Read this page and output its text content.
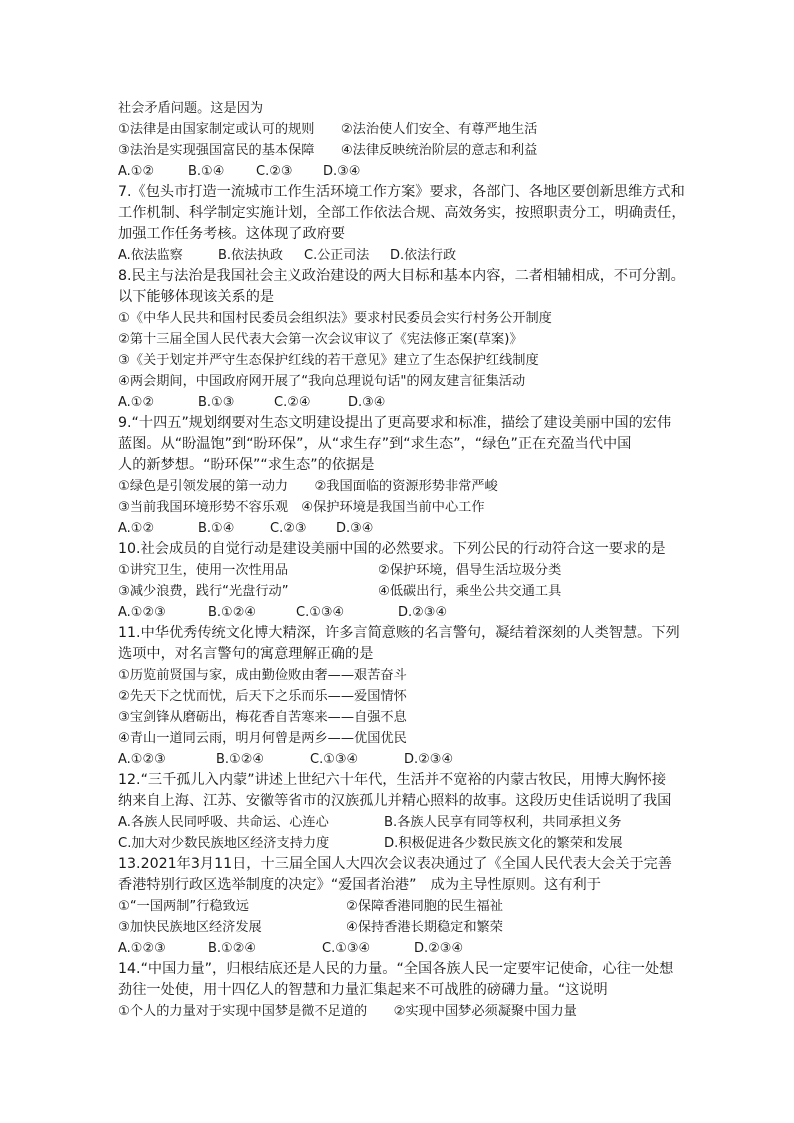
社会矛盾问题。这是因为
①法律是由国家制定或认可的规则　　②法治使人们安全、有尊严地生活
③法治是实现强国富民的基本保障　　④法律反映统治阶层的意志和利益
A.①②	B.①④	C.②③	D.③④
7.《包头市打造一流城市工作生活环境工作方案》要求，各部门、各地区要创新思维方式和
工作机制、科学制定实施计划，全部工作依法合规、高效务实，按照职责分工，明确责任，
加强工作任务考核。这体现了政府要
A.依法监察	B.依法执政	C.公正司法	D.依法行政
8.民主与法治是我国社会主义政治建设的两大目标和基本内容，二者相辅相成，不可分割。
以下能够体现该关系的是
①《中华人民共和国村民委员会组织法》要求村民委员会实行村务公开制度
②第十三届全国人民代表大会第一次会议审议了《宪法修正案(草案)》
③《关于划定并严守生态保护红线的若干意见》建立了生态保护红线制度
④两会期间，中国政府网开展了“我向总理说句话"的网友建言征集活动
A.①②	B.①③	C.②④	D.③④
9.“十四五”规划纲要对生态文明建设提出了更高要求和标准，描绘了建设美丽中国的宏伟
蓝图。从“盼温饱”到“盼环保”，从“求生存”到“求生态”，“绿色”正在充盈当代中国
人的新梦想。“盼环保”“求生态”的依据是
①绿色是引领发展的第一动力　　②我国面临的资源形势非常严峻
③当前我国环境形势不容乐观　④保护环境是我国当前中心工作
A.①②	B.①④	C.②③	D.③④
10.社会成员的自觉行动是建设美丽中国的必然要求。下列公民的行动符合这一要求的是
①讲究卫生，使用一次性用品	②保护环境，倡导生活垃圾分类
③减少浪费，践行“光盘行动”	④低碳出行，乘坐公共交通工具
A.①②③	B.①②④	C.①③④	D.②③④
11.中华优秀传统文化博大精深，许多言简意赅的名言警句，凝结着深刻的人类智慧。下列
选项中，对名言警句的寓意理解正确的是
①历览前贤国与家，成由勤俭败由奢——艰苦奋斗
②先天下之忧而忧，后天下之乐而乐——爱国情怀
③宝剑锋从磨砺出，梅花香自苦寒来——自强不息
④青山一道同云雨，明月何曾是两乡——优国优民
A.①②③	B.①②④	C.①③④	D.②③④
12.“三千孤儿入内蒙”讲述上世纪六十年代，生活并不宽裕的内蒙古牧民，用博大胸怀接
纳来自上海、江苏、安徽等省市的汉族孤儿并精心照料的故事。这段历史佳话说明了我国
A.各族人民同呼吸、共命运、心连心	B.各族人民享有同等权利，共同承担义务
C.加大对少数民族地区经济支持力度	D.积极促进各少数民族文化的繁荣和发展
13.2021年3月11日，十三届全国人大四次会议表决通过了《全国人民代表大会关于完善
香港特别行政区选举制度的决定》“爱国者治港”　成为主导性原则。这有利于
①“一国两制”行稳致远	②保障香港同胞的民生福祉
③加快民族地区经济发展	④保持香港长期稳定和繁荣
A.①②③	B.①②④	C.①③④	D.②③④
14.“中国力量”，归根结底还是人民的力量。“全国各族人民一定要牢记使命，心往一处想
劲往一处使，用十四亿人的智慧和力量汇集起来不可战胜的磅礴力量。“这说明
①个人的力量对于实现中国梦是微不足道的　　②实现中国梦必须凝聚中国力量
